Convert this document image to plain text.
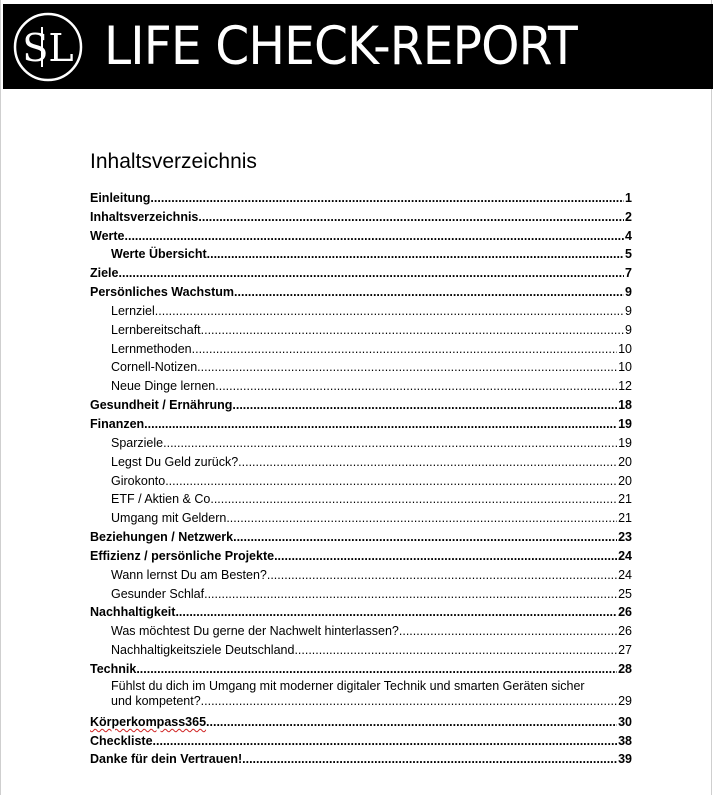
SL LIFE CHECK-REPORT
Inhaltsverzeichnis
Einleitung .....	1
Inhaltsverzeichnis .....	2
Werte .....	4
Werte Übersicht .....	5
Ziele .....	7
Persönliches Wachstum .....	9
Lernziel .....	9
Lernbereitschaft .....	9
Lernmethoden .....	10
Cornell-Notizen .....	10
Neue Dinge lernen .....	12
Gesundheit / Ernährung .....	18
Finanzen .....	19
Sparziele .....	19
Legst Du Geld zurück? .....	20
Girokonto .....	20
ETF / Aktien & Co .....	21
Umgang mit Geldern .....	21
Beziehungen / Netzwerk .....	23
Effizienz / persönliche Projekte .....	24
Wann lernst Du am Besten? .....	24
Gesunder Schlaf .....	25
Nachhaltigkeit .....	26
Was möchtest Du gerne der Nachwelt hinterlassen? .....	26
Nachhaltigkeitsziele Deutschland .....	27
Technik .....	28
Fühlst du dich im Umgang mit moderner digitaler Technik und smarten Geräten sicher
und kompetent? .....	29
Körperkompass365 .....	30
Checkliste .....	38
Danke für dein Vertrauen! .....	39
